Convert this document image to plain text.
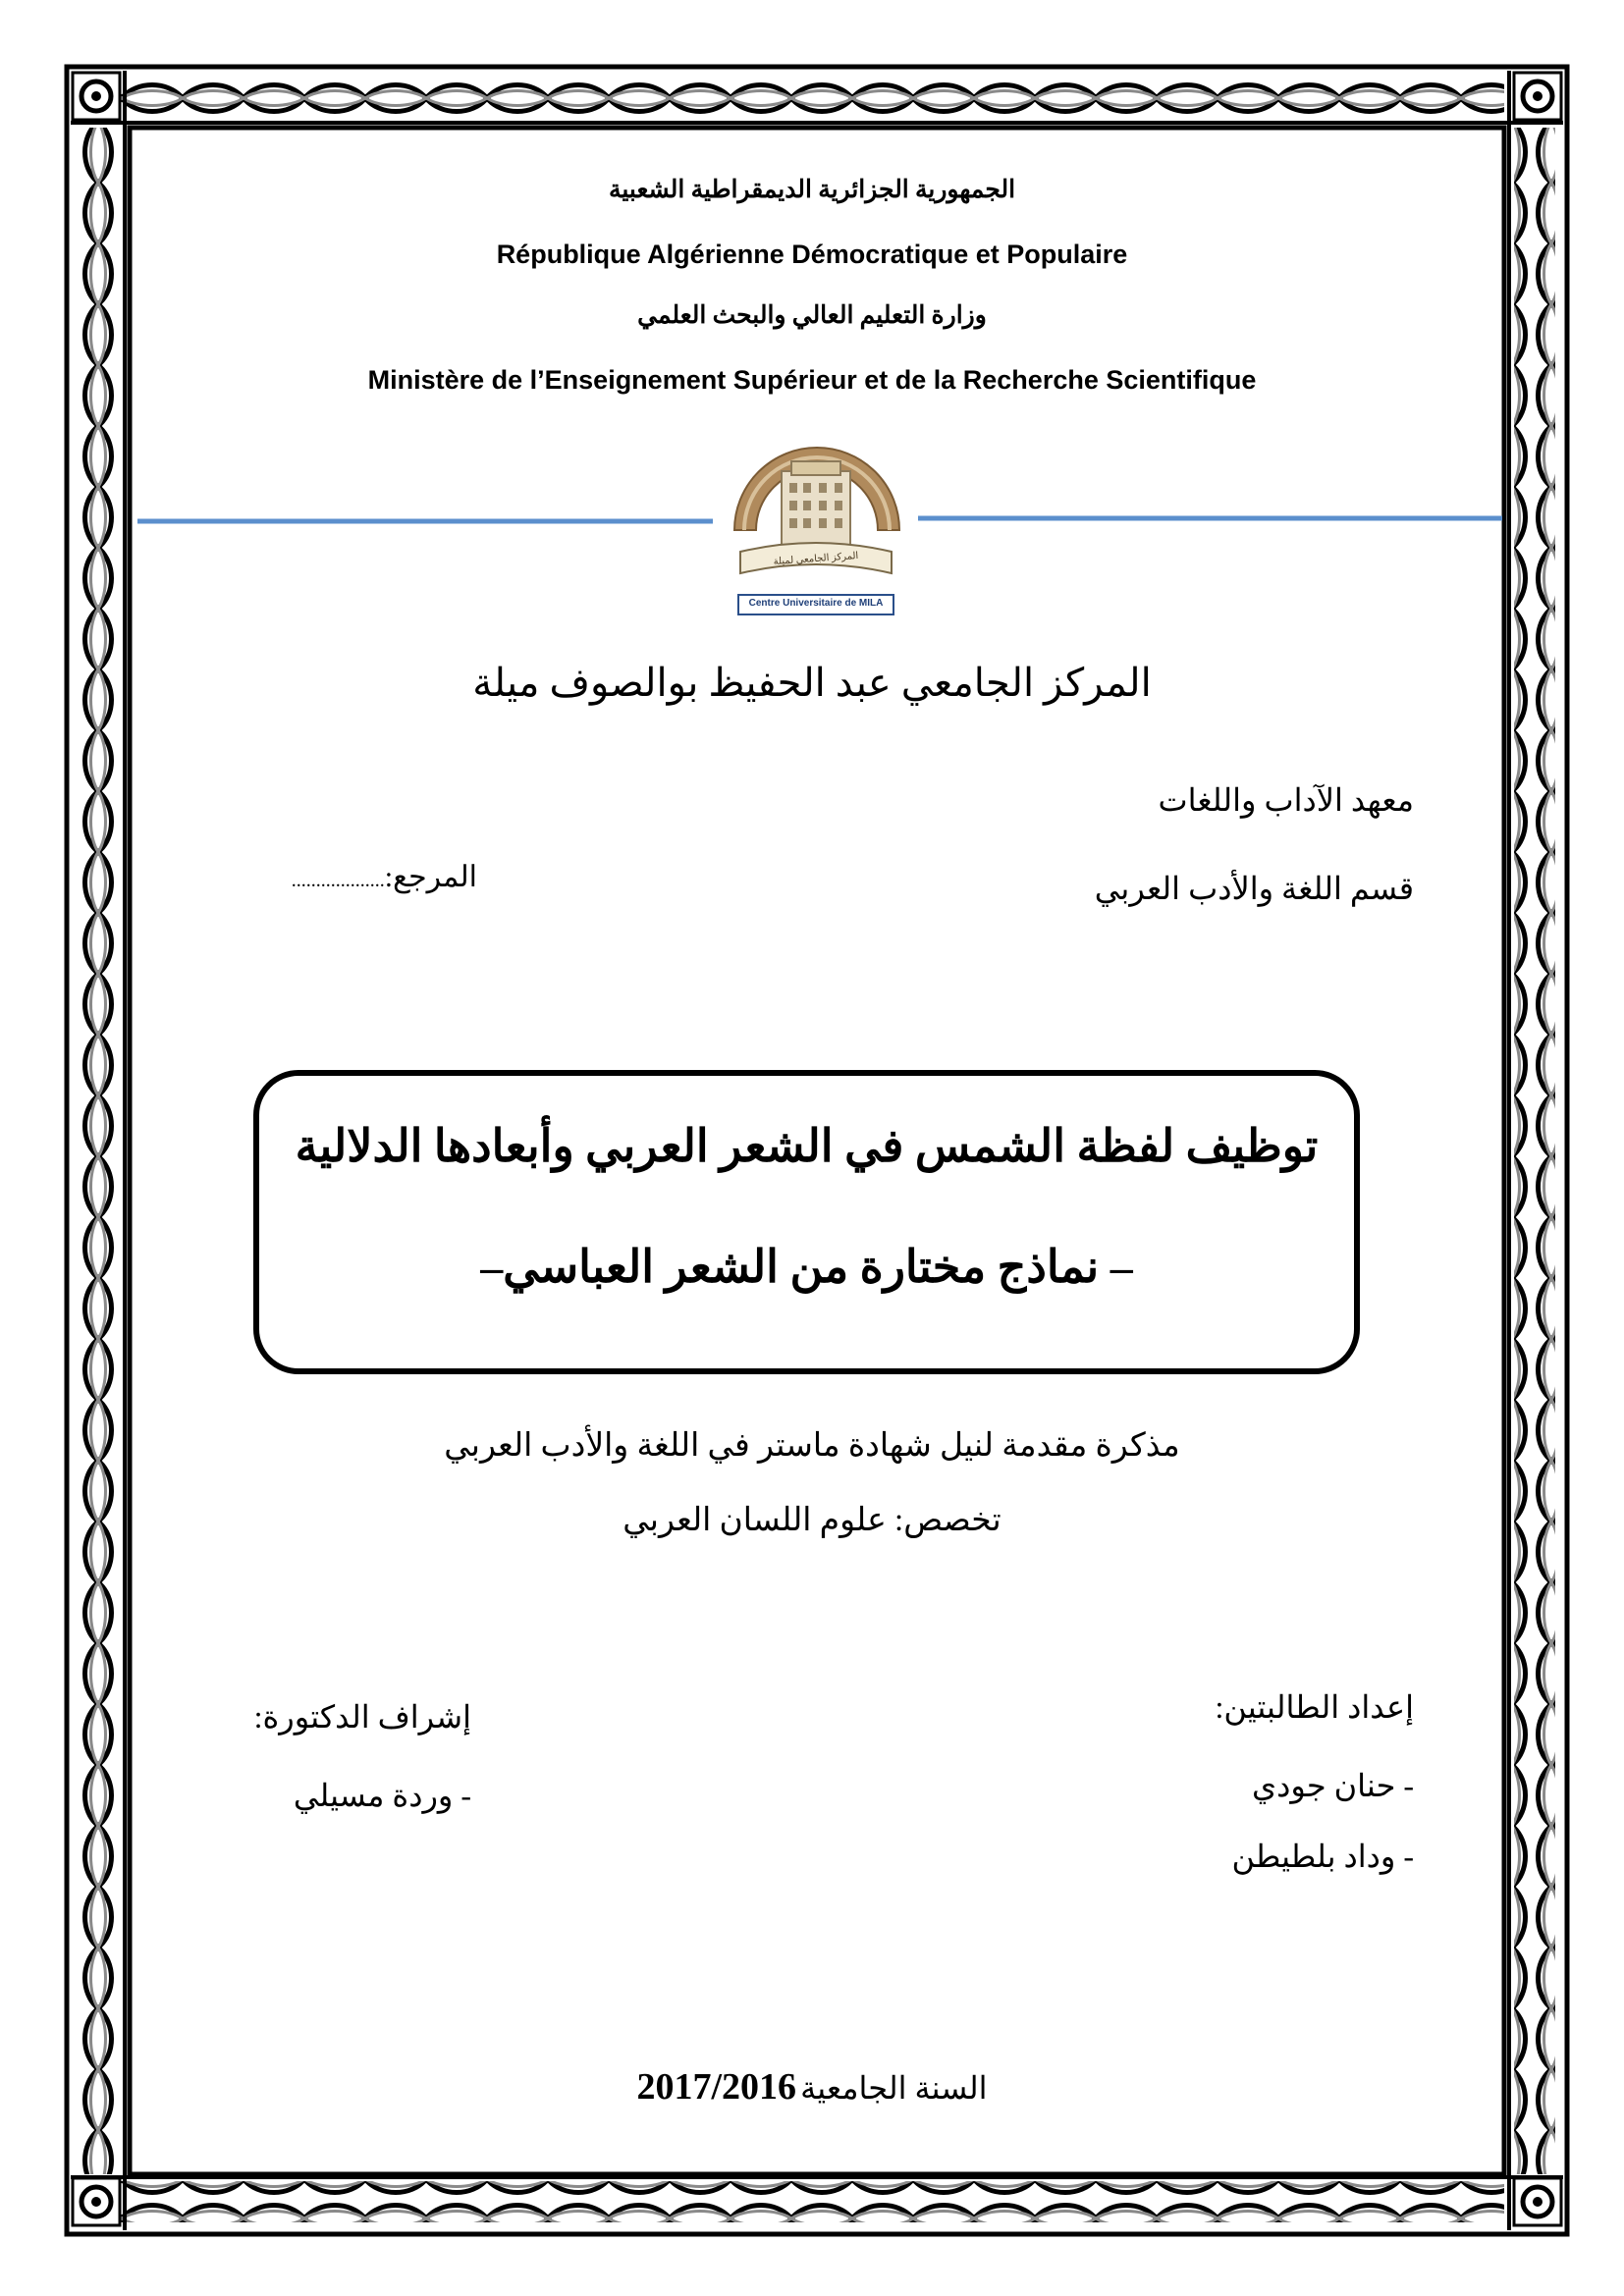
الجمهورية الجزائرية الديمقراطية الشعبية
République Algérienne Démocratique et Populaire
وزارة التعليم العالي والبحث العلمي
Ministère de l’Enseignement Supérieur et de la Recherche Scientifique
المركز الجامعي لميلة
Centre Universitaire de MILA
المركز الجامعي عبد الحفيظ بوالصوف ميلة
معهد الآداب واللغات
قسم اللغة والأدب العربي
المرجع:...................
توظيف لفظة الشمس في الشعر العربي وأبعادها الدلالية
– نماذج مختارة من الشعر العباسي–
مذكرة مقدمة لنيل شهادة ماستر في اللغة والأدب العربي
تخصص: علوم اللسان العربي
إعداد الطالبتين:
- حنان جودي
- وداد بلطيطن
إشراف الدكتورة:
- وردة مسيلي
2017/2016 السنة الجامعية
